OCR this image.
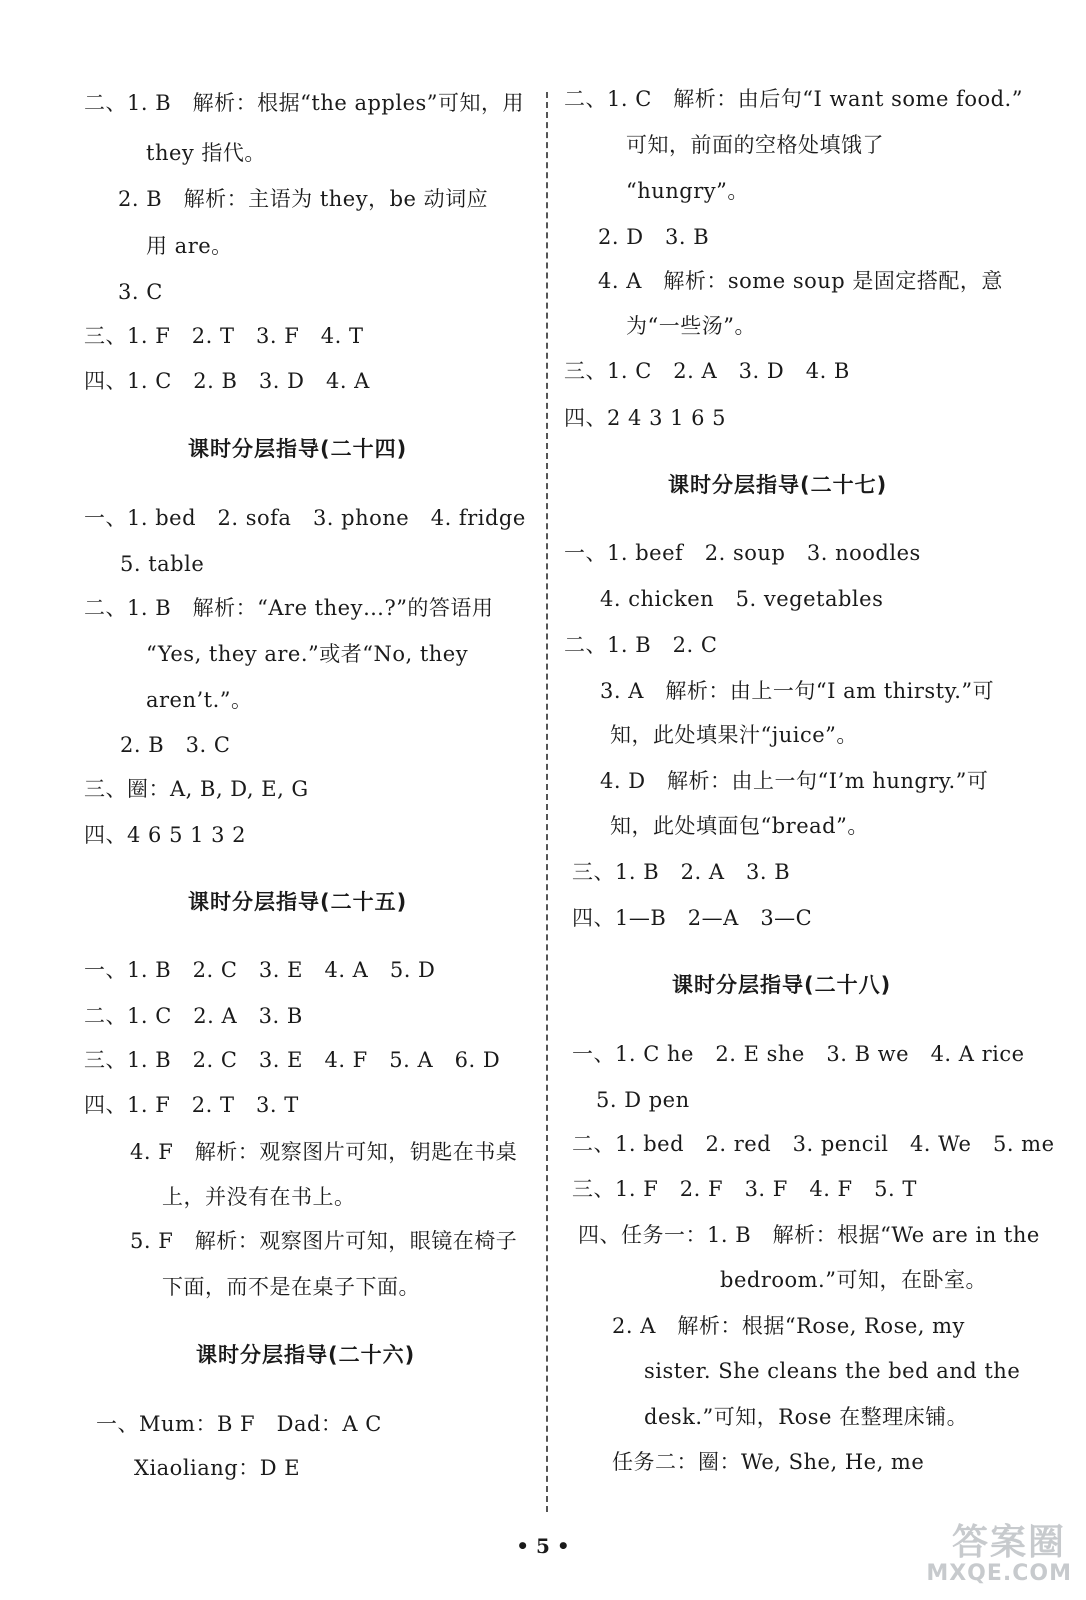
二、1. B　解析：根据“the apples”可知，用
they 指代。
2. B　解析：主语为 they，be 动词应
用 are。
3. C
三、1. F　2. T　3. F　4. T
四、1. C　2. B　3. D　4. A
课时分层指导(二十四)
一、1. bed　2. sofa　3. phone　4. fridge
5. table
二、1. B　解析：“Are they…?”的答语用
“Yes, they are.”或者“No, they
aren’t.”。
2. B　3. C
三、圈：A, B, D, E, G
四、4 6 5 1 3 2
课时分层指导(二十五)
一、1. B　2. C　3. E　4. A　5. D
二、1. C　2. A　3. B
三、1. B　2. C　3. E　4. F　5. A　6. D
四、1. F　2. T　3. T
4. F　解析：观察图片可知，钥匙在书桌
上，并没有在书上。
5. F　解析：观察图片可知，眼镜在椅子
下面，而不是在桌子下面。
课时分层指导(二十六)
一、Mum：B F　Dad：A C
Xiaoliang：D E
二、1. C　解析：由后句“I want some food.”
可知，前面的空格处填饿了
“hungry”。
2. D　3. B
4. A　解析：some soup 是固定搭配，意
为“一些汤”。
三、1. C　2. A　3. D　4. B
四、2 4 3 1 6 5
课时分层指导(二十七)
一、1. beef　2. soup　3. noodles
4. chicken　5. vegetables
二、1. B　2. C
3. A　解析：由上一句“I am thirsty.”可
知，此处填果汁“juice”。
4. D　解析：由上一句“I’m hungry.”可
知，此处填面包“bread”。
三、1. B　2. A　3. B
四、1—B　2—A　3—C
课时分层指导(二十八)
一、1. C he　2. E she　3. B we　4. A rice
5. D pen
二、1. bed　2. red　3. pencil　4. We　5. me
三、1. F　2. F　3. F　4. F　5. T
四、任务一：1. B　解析：根据“We are in the
bedroom.”可知，在卧室。
2. A　解析：根据“Rose, Rose, my
sister. She cleans the bed and the
desk.”可知，Rose 在整理床铺。
任务二：圈：We, She, He, me
• 5 •	答案圈
MXQE.COM
